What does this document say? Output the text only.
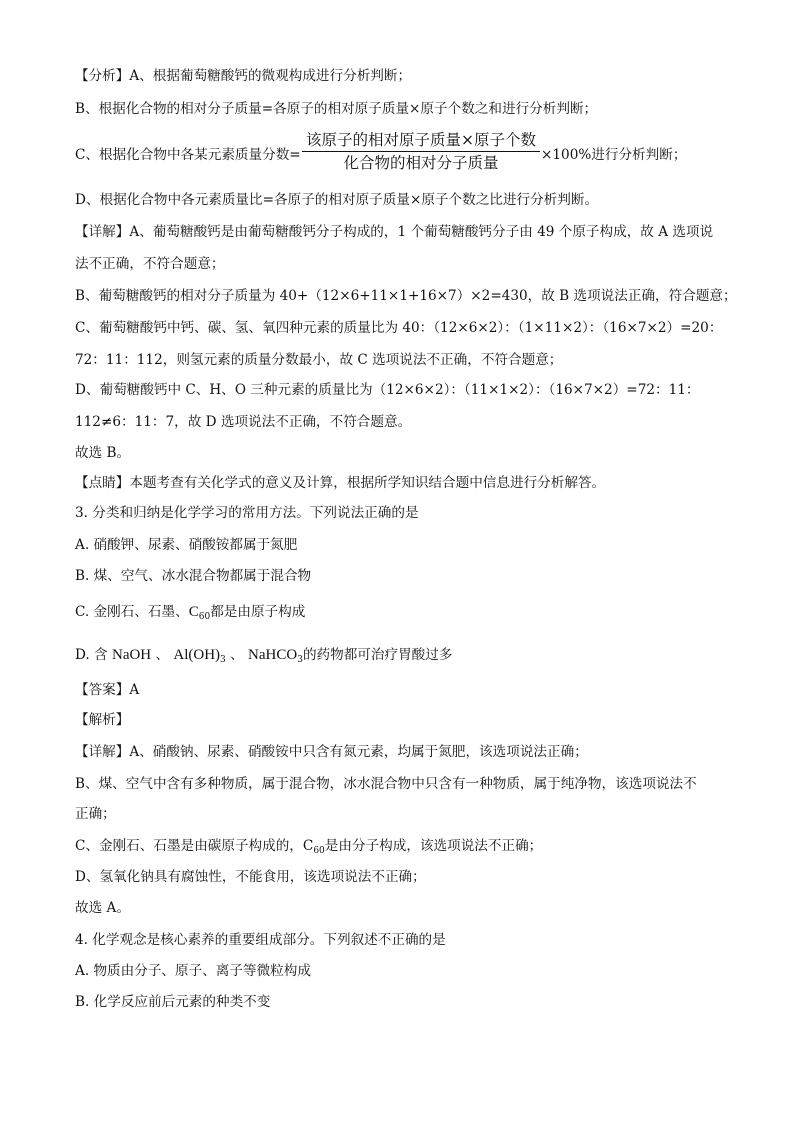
【分析】A、根据葡萄糖酸钙的微观构成进行分析判断；
B、根据化合物的相对分子质量=各原子的相对原子质量×原子个数之和进行分析判断；
C、根据化合物中各某元素质量分数=
该原子的相对原子质量×原子个数
化合物的相对分子质量	×100%进行分析判断；
D、根据化合物中各元素质量比=各原子的相对原子质量×原子个数之比进行分析判断。
【详解】A、葡萄糖酸钙是由葡萄糖酸钙分子构成的，1 个葡萄糖酸钙分子由 49 个原子构成，故 A 选项说
法不正确，不符合题意；
B、葡萄糖酸钙的相对分子质量为 40+（12×6+11×1+16×7）×2=430，故 B 选项说法正确，符合题意；
C、葡萄糖酸钙中钙、碳、氢、氧四种元素的质量比为 40：（12×6×2）：（1×11×2）：（16×7×2）=20：
72：11：112，则氢元素的质量分数最小，故 C 选项说法不正确，不符合题意；
D、葡萄糖酸钙中 C、H、O 三种元素的质量比为（12×6×2）：（11×1×2）：（16×7×2）=72：11：
112≠6：11：7，故 D 选项说法不正确，不符合题意。
故选 B。
【点睛】本题考查有关化学式的意义及计算，根据所学知识结合题中信息进行分析解答。
3. 分类和归纳是化学学习的常用方法。下列说法正确的是
A. 硝酸钾、尿素、硝酸铵都属于氮肥
B. 煤、空气、冰水混合物都属于混合物
C. 金刚石、石墨、$C_{60}$都是由原子构成
D. 含 NaOH 、 $Al(OH)_3$ 、 NaHCO$_3$的药物都可治疗胃酸过多
【答案】A
【解析】
【详解】A、硝酸钠、尿素、硝酸铵中只含有氮元素，均属于氮肥，该选项说法正确；
B、煤、空气中含有多种物质，属于混合物，冰水混合物中只含有一种物质，属于纯净物，该选项说法不
正确；
C、金刚石、石墨是由碳原子构成的，$C_{60}$是由分子构成，该选项说法不正确；
D、氢氧化钠具有腐蚀性，不能食用，该选项说法不正确；
故选 A。
4. 化学观念是核心素养的重要组成部分。下列叙述不正确的是
A. 物质由分子、原子、离子等微粒构成
B. 化学反应前后元素的种类不变
